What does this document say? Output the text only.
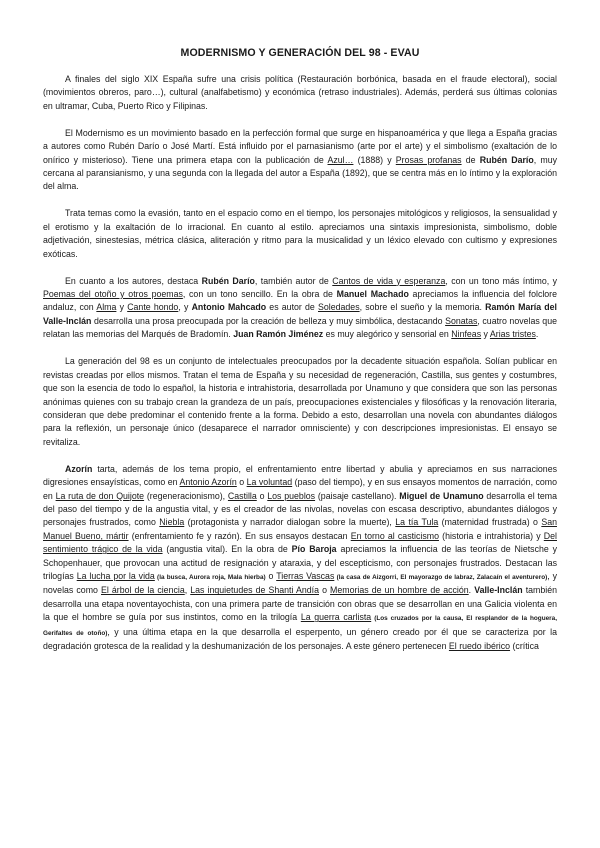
MODERNISMO Y GENERACIÓN DEL 98 - EVAU

A finales del siglo XIX España sufre una crisis política (Restauración borbónica, basada en el fraude electoral), social (movimientos obreros, paro…), cultural (analfabetismo) y económica (retraso industriales). Además, perderá sus últimas colonias en ultramar, Cuba, Puerto Rico y Filipinas.

El Modernismo es un movimiento basado en la perfección formal que surge en hispanoamérica y que llega a España gracias a autores como Rubén Darío o José Martí. Está influido por el parnasianismo (arte por el arte) y el simbolismo (exaltación de lo onírico y misterioso). Tiene una primera etapa con la publicación de Azul… (1888) y Prosas profanas de Rubén Darío, muy cercana al paransianismo, y una segunda con la llegada del autor a España (1892), que se centra más en lo íntimo y la exploración del alma.

Trata temas como la evasión, tanto en el espacio como en el tiempo, los personajes mitológicos y religiosos, la sensualidad y el erotismo y la exaltación de lo irracional. En cuanto al estilo. apreciamos una sintaxis impresionista, simbolismo, doble adjetivación, sinestesias, métrica clásica, aliteración y ritmo para la musicalidad y un léxico elevado con cultismo y expresiones exóticas.

En cuanto a los autores, destaca Rubén Darío, también autor de Cantos de vida y esperanza, con un tono más íntimo, y Poemas del otoño y otros poemas, con un tono sencillo. En la obra de Manuel Machado apreciamos la influencia del folclore andaluz, con Alma y Cante hondo, y Antonio Mahcado es autor de Soledades, sobre el sueño y la memoria. Ramón María del Valle-Inclán desarrolla una prosa preocupada por la creación de belleza y muy simbólica, destacando Sonatas, cuatro novelas que relatan las memorias del Marqués de Bradomín. Juan Ramón Jiménez es muy alegórico y sensorial en Ninfeas y Arias tristes.

La generación del 98 es un conjunto de intelectuales preocupados por la decadente situación española. Solían publicar en revistas creadas por ellos mismos. Tratan el tema de España y su necesidad de regeneración, Castilla, sus gentes y costumbres, que son la esencia de todo lo español, la historia e intrahistoria, desarrollada por Unamuno y que considera que son las personas anónimas quienes con su trabajo crean la grandeza de un país, preocupaciones existenciales y filosóficas y la renovación literaria, consideran que debe predominar el contenido frente a la forma. Debido a esto, desarrollan una novela con abundantes diálogos para la reflexión, un personaje único (desaparece el narrador omnisciente) y con descripciones impresionistas. El ensayo se revitaliza.

Azorín tarta, además de los tema propio, el enfrentamiento entre libertad y abulia y apreciamos en sus narraciones digresiones ensayísticas, como en Antonio Azorín o La voluntad (paso del tiempo), y en sus ensayos momentos de narración, como en La ruta de don Quijote (regeneracionismo), Castilla o Los pueblos (paisaje castellano). Miguel de Unamuno desarrolla el tema del paso del tiempo y de la angustia vital, y es el creador de las nivolas, novelas con escasa descriptivo, abundantes diálogos y personajes frustrados, como Niebla (protagonista y narrador dialogan sobre la muerte), La tía Tula (maternidad frustrada) o San Manuel Bueno, mártir (enfrentamiento fe y razón). En sus ensayos destacan En torno al casticismo (historia e intrahistoria) y Del sentimiento trágico de la vida (angustia vital). En la obra de Pío Baroja apreciamos la influencia de las teorías de Nietsche y Schopenhauer, que provocan una actitud de resignación y ataraxia, y del escepticismo, con personajes frustrados. Destacan las trilogías La lucha por la vida (la busca, Aurora roja, Mala hierba) o Tierras Vascas (la casa de Aizgorri, El mayorazgo de labraz, Zalacaín el aventurero), y novelas como El árbol de la ciencia, Las inquietudes de Shanti Andía o Memorias de un hombre de acción. Valle-Inclán también desarrolla una etapa noventayochista, con una primera parte de transición con obras que se desarrollan en una Galicia violenta en la que el hombre se guía por sus instintos, como en la trilogía La guerra carlista (Los cruzados por la causa, El resplandor de la hoguera, Gerifaltes de otoño), y una última etapa en la que desarrolla el esperpento, un género creado por él que se caracteriza por la degradación grotesca de la realidad y la deshumanización de los personajes. A este género pertenecen El ruedo ibérico (crítica
